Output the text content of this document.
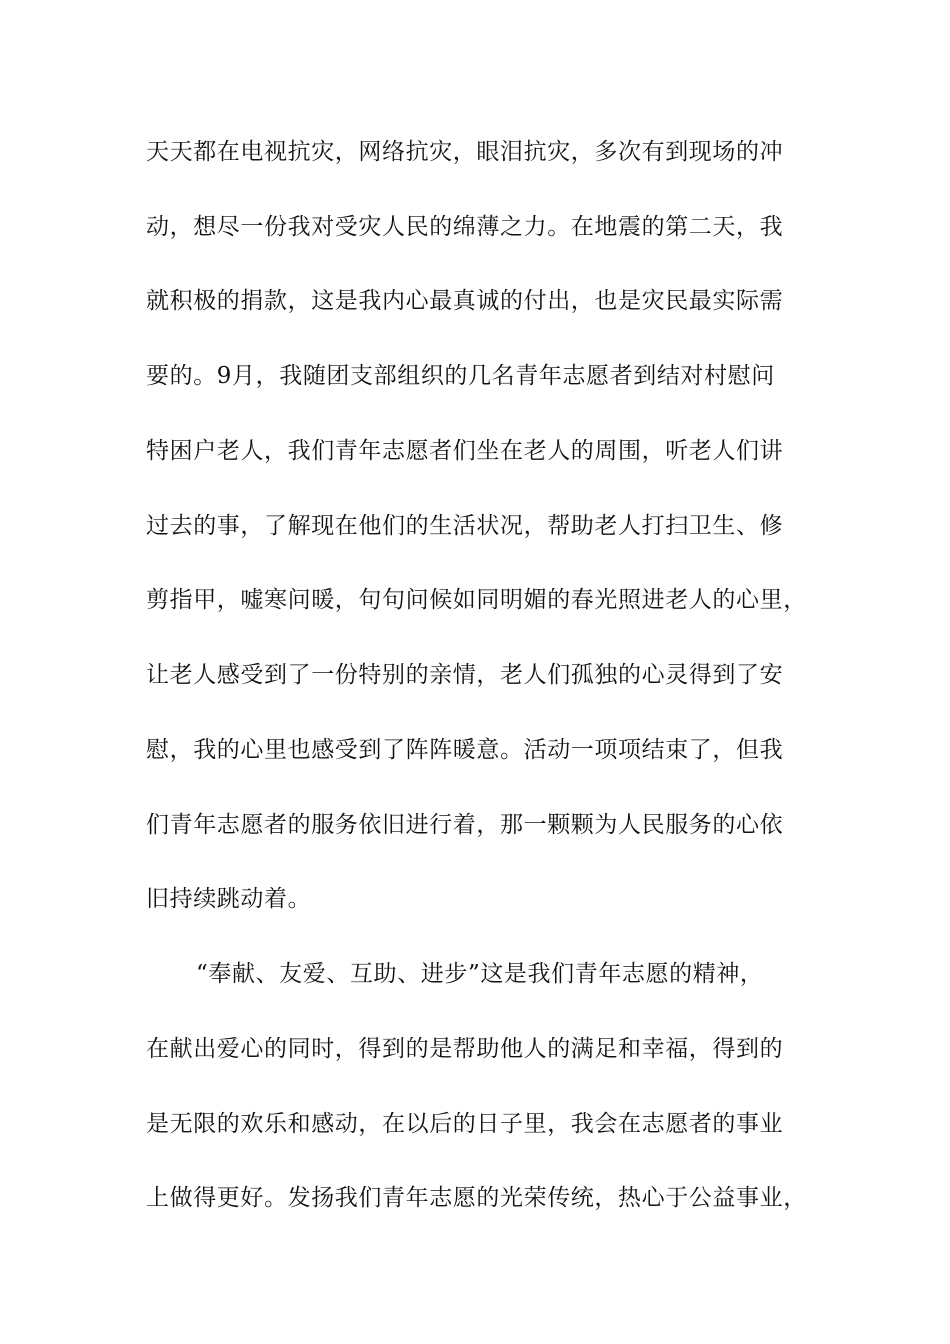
天天都在电视抗灾，网络抗灾，眼泪抗灾，多次有到现场的冲
动，想尽一份我对受灾人民的绵薄之力。在地震的第二天，我
就积极的捐款，这是我内心最真诚的付出，也是灾民最实际需
要的。9月，我随团支部组织的几名青年志愿者到结对村慰问
特困户老人，我们青年志愿者们坐在老人的周围，听老人们讲
过去的事，了解现在他们的生活状况，帮助老人打扫卫生、修
剪指甲，嘘寒问暖，句句问候如同明媚的春光照进老人的心里，
让老人感受到了一份特别的亲情，老人们孤独的心灵得到了安
慰，我的心里也感受到了阵阵暖意。活动一项项结束了，但我
们青年志愿者的服务依旧进行着，那一颗颗为人民服务的心依
旧持续跳动着。
“奉献、友爱、互助、进步”这是我们青年志愿的精神，
在献出爱心的同时，得到的是帮助他人的满足和幸福，得到的
是无限的欢乐和感动，在以后的日子里，我会在志愿者的事业
上做得更好。发扬我们青年志愿的光荣传统，热心于公益事业，
